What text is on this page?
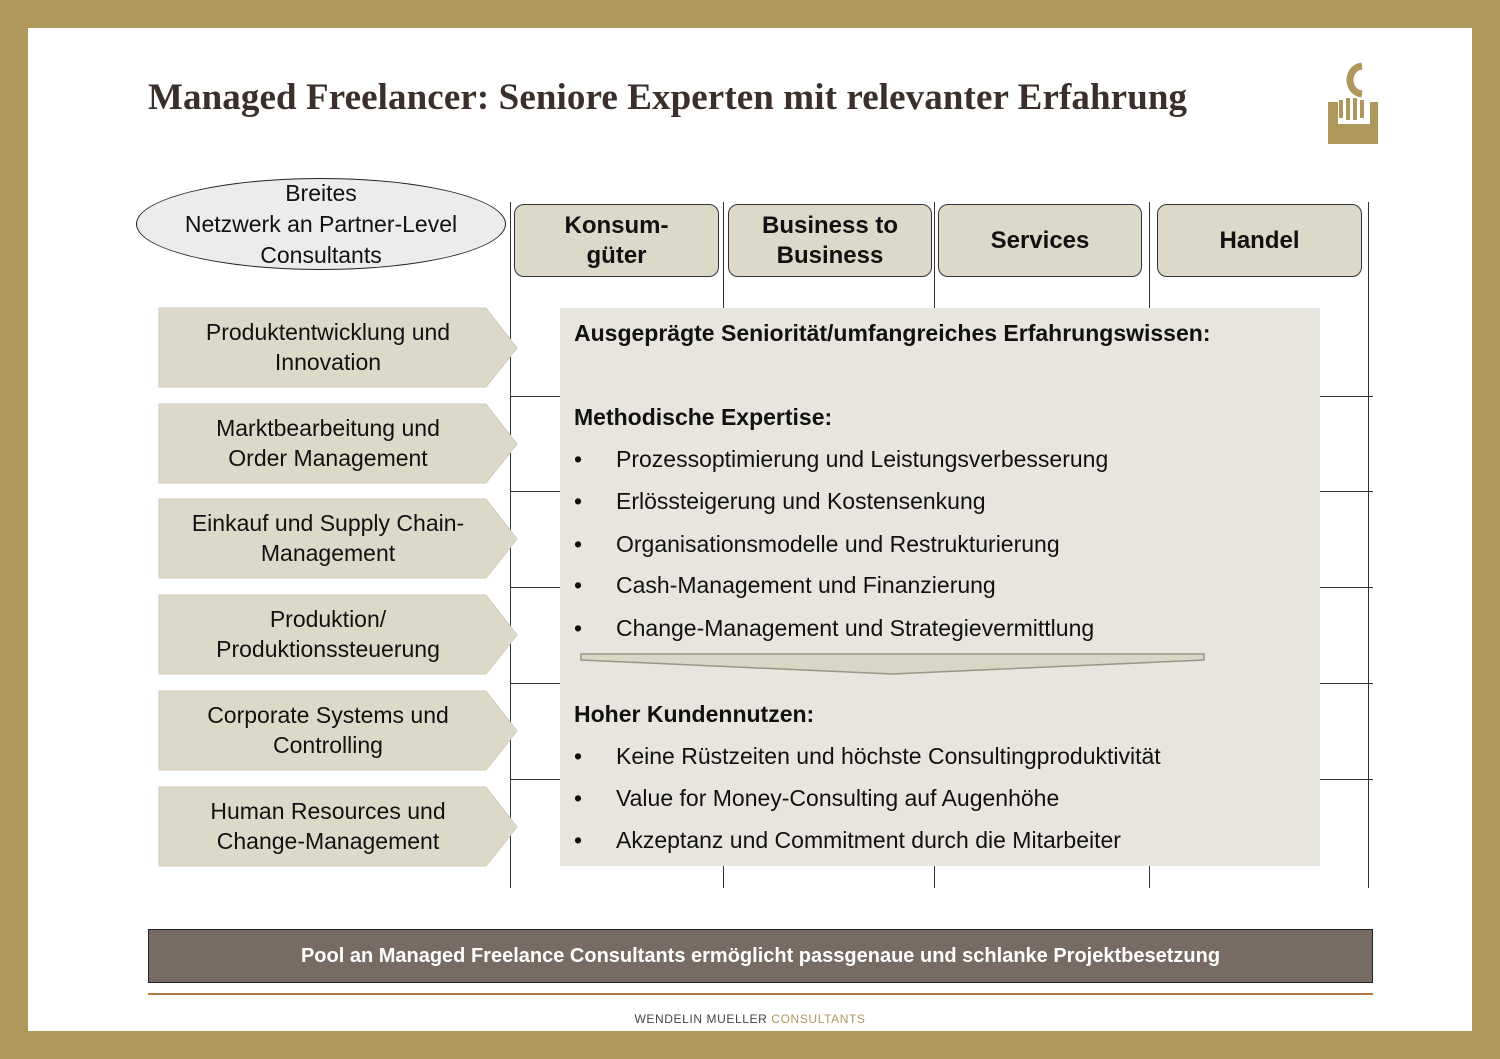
Managed Freelancer: Seniore Experten mit relevanter Erfahrung
Breites
Netzwerk an Partner-Level
Consultants
Konsum-
güter
Business to
Business
Services	Handel
Produktentwicklung und
Innovation
Marktbearbeitung und
Order Management
Einkauf und Supply Chain-
Management
Produktion/
Produktionssteuerung
Corporate Systems und
Controlling
Human Resources und
Change-Management
Ausgeprägte Seniorität/umfangreiches Erfahrungswissen:
Methodische Expertise:
• Prozessoptimierung und Leistungsverbesserung
• Erlössteigerung und Kostensenkung
• Organisationsmodelle und Restrukturierung
• Cash-Management und Finanzierung
• Change-Management und Strategievermittlung
Hoher Kundennutzen:
• Keine Rüstzeiten und höchste Consultingproduktivität
• Value for Money-Consulting auf Augenhöhe
• Akzeptanz und Commitment durch die Mitarbeiter
Pool an Managed Freelance Consultants ermöglicht passgenaue und schlanke Projektbesetzung
WENDELIN MUELLER CONSULTANTS
